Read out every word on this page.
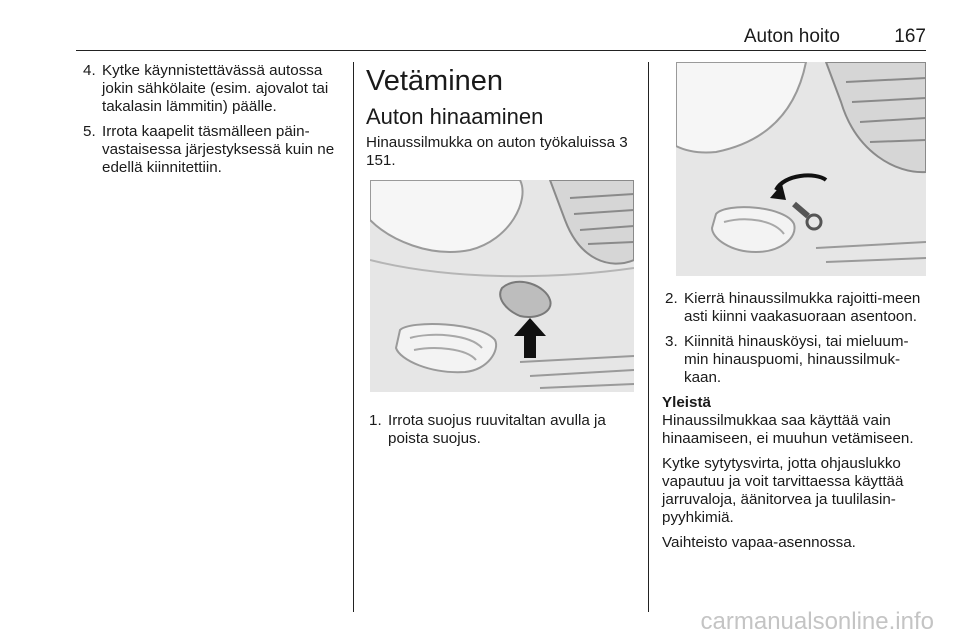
Auton hoito	167
4. Kytke käynnistettävässä autossa jokin sähkölaite (esim. ajovalot tai takalasin lämmitin) päälle.
5. Irrota kaapelit täsmälleen päin-vastaisessa järjestyksessä kuin ne edellä kiinnitettiin.
Vetäminen
Auton hinaaminen

Hinaussilmukka on auton työkaluissa 3 151.

1. Irrota suojus ruuvitaltan avulla ja poista suojus.
2. Kierrä hinaussilmukka rajoitti-meen asti kiinni vaakasuoraan asentoon.
3. Kiinnitä hinausköysi, tai mieluum-min hinauspuomi, hinaussilmuk-kaan.

Yleistä

Hinaussilmukkaa saa käyttää vain hinaamiseen, ei muuhun vetämiseen.

Kytke sytytysvirta, jotta ohjauslukko vapautuu ja voit tarvittaessa käyttää jarruvaloja, äänitorvea ja tuulilasin-pyyhkimiä.

Vaihteisto vapaa-asennossa.

carmanualsonline.info
